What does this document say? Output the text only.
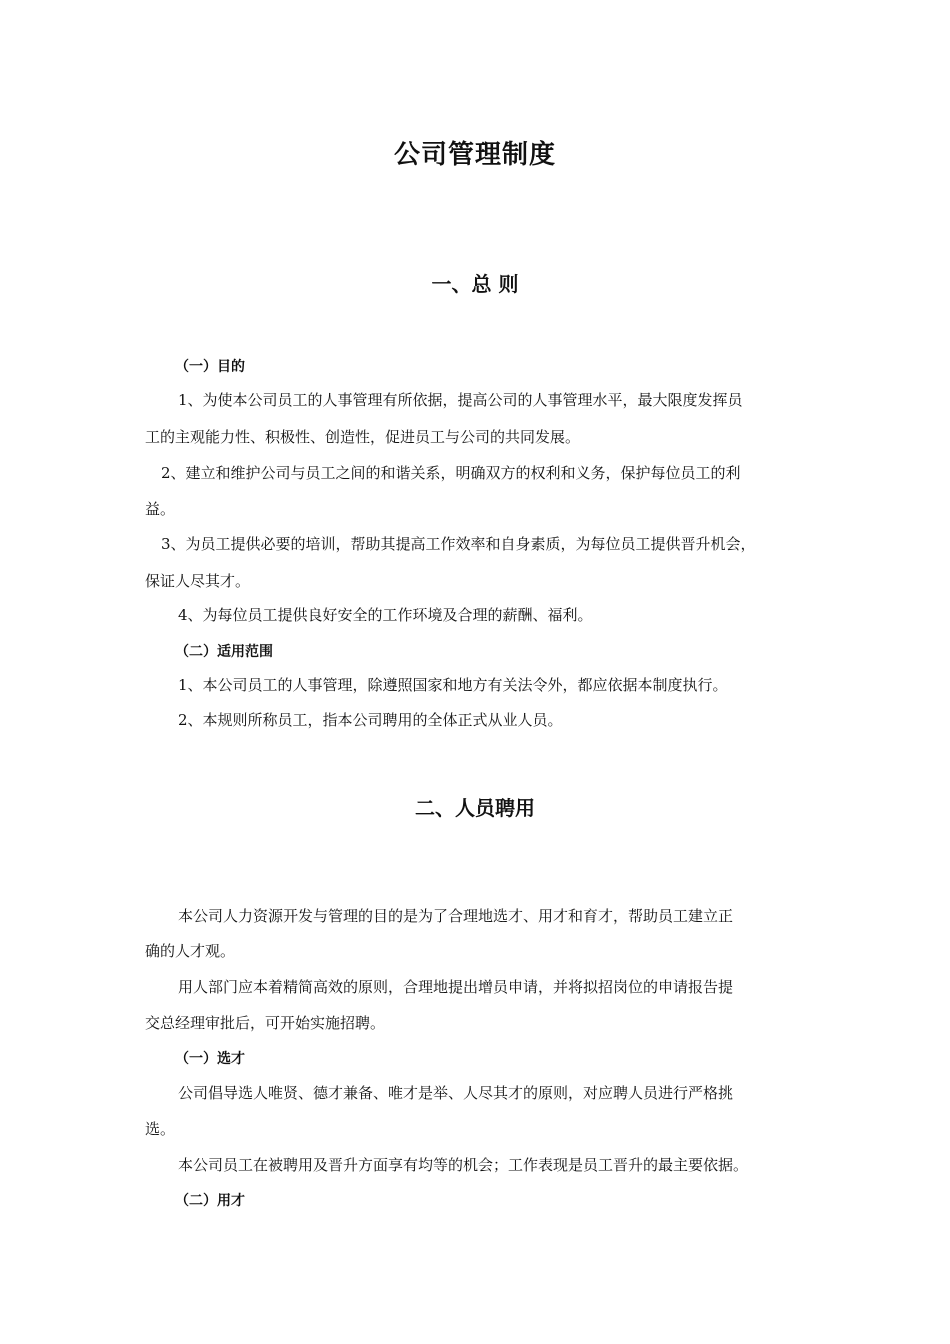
公司管理制度
一、总 则
（一）目的
1、为使本公司员工的人事管理有所依据，提高公司的人事管理水平，最大限度发挥员
工的主观能力性、积极性、创造性，促进员工与公司的共同发展。
2、建立和维护公司与员工之间的和谐关系，明确双方的权利和义务，保护每位员工的利
益。
3、为员工提供必要的培训，帮助其提高工作效率和自身素质，为每位员工提供晋升机会，
保证人尽其才。
4、为每位员工提供良好安全的工作环境及合理的薪酬、福利。
（二）适用范围
1、本公司员工的人事管理，除遵照国家和地方有关法令外，都应依据本制度执行。
2、本规则所称员工，指本公司聘用的全体正式从业人员。
二、人员聘用
本公司人力资源开发与管理的目的是为了合理地选才、用才和育才，帮助员工建立正
确的人才观。
用人部门应本着精简高效的原则，合理地提出增员申请，并将拟招岗位的申请报告提
交总经理审批后，可开始实施招聘。
（一）选才
公司倡导选人唯贤、德才兼备、唯才是举、人尽其才的原则，对应聘人员进行严格挑
选。
本公司员工在被聘用及晋升方面享有均等的机会；工作表现是员工晋升的最主要依据。
（二）用才
